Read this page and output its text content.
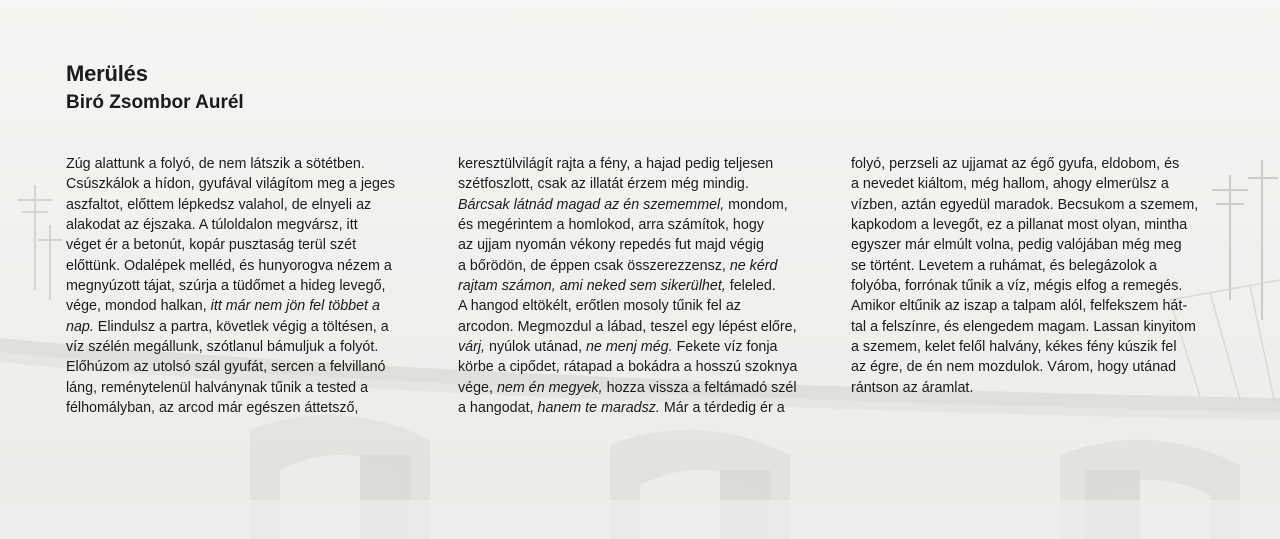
Merülés
Biró Zsombor Aurél
Zúg alattunk a folyó, de nem látszik a sötétben.
Csúszkálok a hídon, gyufával világítom meg a jeges
aszfaltot, előttem lépkedsz valahol, de elnyeli az
alakodat az éjszaka. A túloldalon megvársz, itt
véget ér a betonút, kopár pusztaság terül szét
előttünk. Odalépek melléd, és hunyorogva nézem a
megnyúzott tájat, szúrja a tüdőmet a hideg levegő,
vége, mondod halkan, itt már nem jön fel többet a
nap. Elindulsz a partra, követlek végig a töltésen, a
víz szélén megállunk, szótlanul bámuljuk a folyót.
Előhúzom az utolsó szál gyufát, sercen a felvillanó
láng, reménytelenül halványnak tűnik a tested a
félhomályban, az arcod már egészen áttetsző,
keresztülvilágít rajta a fény, a hajad pedig teljesen
szétfoszlott, csak az illatát érzem még mindig.
Bárcsak látnád magad az én szememmel, mondom,
és megérintem a homlokod, arra számítok, hogy
az ujjam nyomán vékony repedés fut majd végig
a bőrödön, de éppen csak összerezzensz, ne kérd
rajtam számon, ami neked sem sikerülhet, feleled.
A hangod eltökélt, erőtlen mosoly tűnik fel az
arcodon. Megmozdul a lábad, teszel egy lépést előre,
várj, nyúlok utánad, ne menj még. Fekete víz fonja
körbe a cipődet, rátapad a bokádra a hosszú szoknya
vége, nem én megyek, hozza vissza a feltámadó szél
a hangodat, hanem te maradsz. Már a térdedig ér a
folyó, perzseli az ujjamat az égő gyufa, eldobom, és
a nevedet kiáltom, még hallom, ahogy elmerülsz a
vízben, aztán egyedül maradok. Becsukom a szemem,
kapkodom a levegőt, ez a pillanat most olyan, mintha
egyszer már elmúlt volna, pedig valójában még meg
se történt. Levetem a ruhámat, és belegázolok a
folyóba, forrónak tűnik a víz, mégis elfog a remegés.
Amikor eltűnik az iszap a talpam alól, felfekszem hát-
tal a felszínre, és elengedem magam. Lassan kinyitom
a szemem, kelet felől halvány, kékes fény kúszik fel
az égre, de én nem mozdulok. Várom, hogy utánad
rántson az áramlat.
